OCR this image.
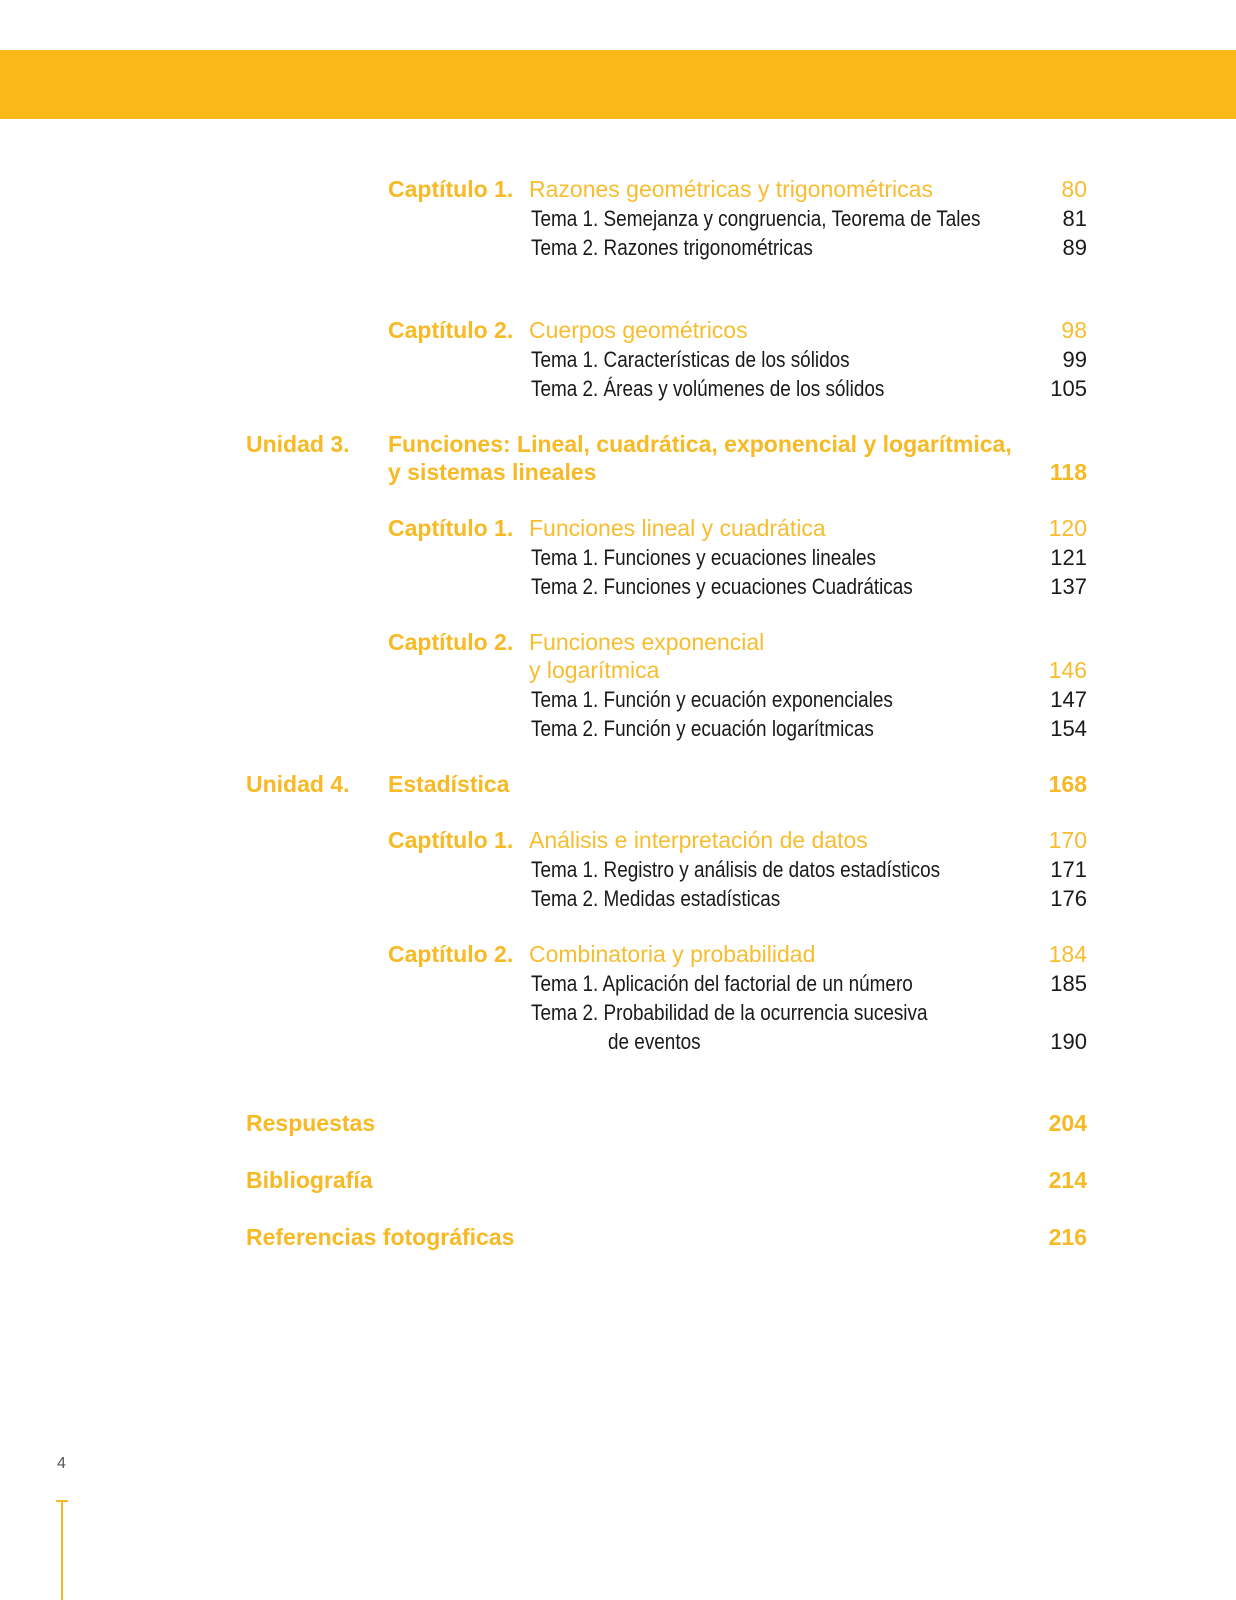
Captítulo 1. Razones geométricas y trigonométricas	80
Tema 1. Semejanza y congruencia, Teorema de Tales	81
Tema 2. Razones trigonométricas	89
Captítulo 2. Cuerpos geométricos	98
Tema 1. Características de los sólidos	99
Tema 2. Áreas y volúmenes de los sólidos	105
Unidad 3. Funciones: Lineal, cuadrática, exponencial y logarítmica,
y sistemas lineales	118
Captítulo 1. Funciones lineal y cuadrática	120
Tema 1. Funciones y ecuaciones lineales	121
Tema 2. Funciones y ecuaciones Cuadráticas	137
Captítulo 2. Funciones exponencial
y logarítmica	146
Tema 1. Función y ecuación exponenciales	147
Tema 2. Función y ecuación logarítmicas	154
Unidad 4. Estadística	168
Captítulo 1. Análisis e interpretación de datos	170
Tema 1. Registro y análisis de datos estadísticos	171
Tema 2. Medidas estadísticas	176
Captítulo 2. Combinatoria y probabilidad	184
Tema 1. Aplicación del factorial de un número	185
Tema 2. Probabilidad de la ocurrencia sucesiva
de eventos	190
Respuestas	204
Bibliografía	214
Referencias fotográficas	216
4
